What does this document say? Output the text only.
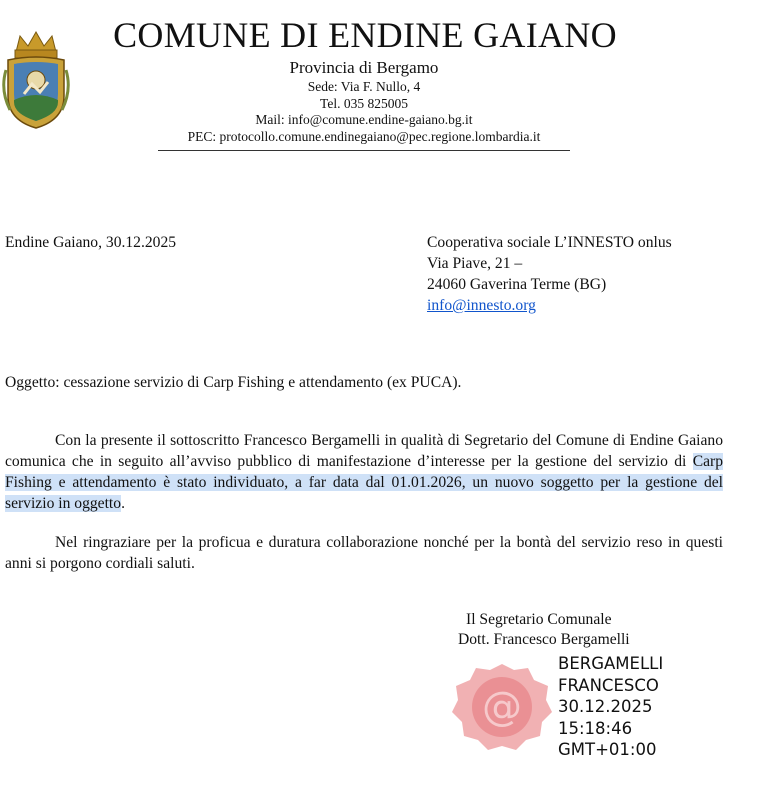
COMUNE DI ENDINE GAIANO
Provincia di Bergamo
Sede: Via F. Nullo, 4
Tel. 035 825005
Mail: info@comune.endine-gaiano.bg.it
PEC: protocollo.comune.endinegaiano@pec.regione.lombardia.it
Endine Gaiano, 30.12.2025	Cooperativa sociale L’INNESTO onlus
Via Piave, 21 –
24060 Gaverina Terme (BG)
info@innesto.org
Oggetto: cessazione servizio di Carp Fishing e attendamento (ex PUCA).
Con la presente il sottoscritto Francesco Bergamelli in qualità di Segretario del Comune di Endine Gaiano comunica che in seguito all’avviso pubblico di manifestazione d’interesse per la gestione del servizio di Carp Fishing e attendamento è stato individuato, a far data dal 01.01.2026, un nuovo soggetto per la gestione del servizio in oggetto.
Nel ringraziare per la proficua e duratura collaborazione nonché per la bontà del servizio reso in questi anni si porgono cordiali saluti.
Il Segretario Comunale
Dott. Francesco Bergamelli
@
BERGAMELLI
FRANCESCO
30.12.2025
15:18:46
GMT+01:00
